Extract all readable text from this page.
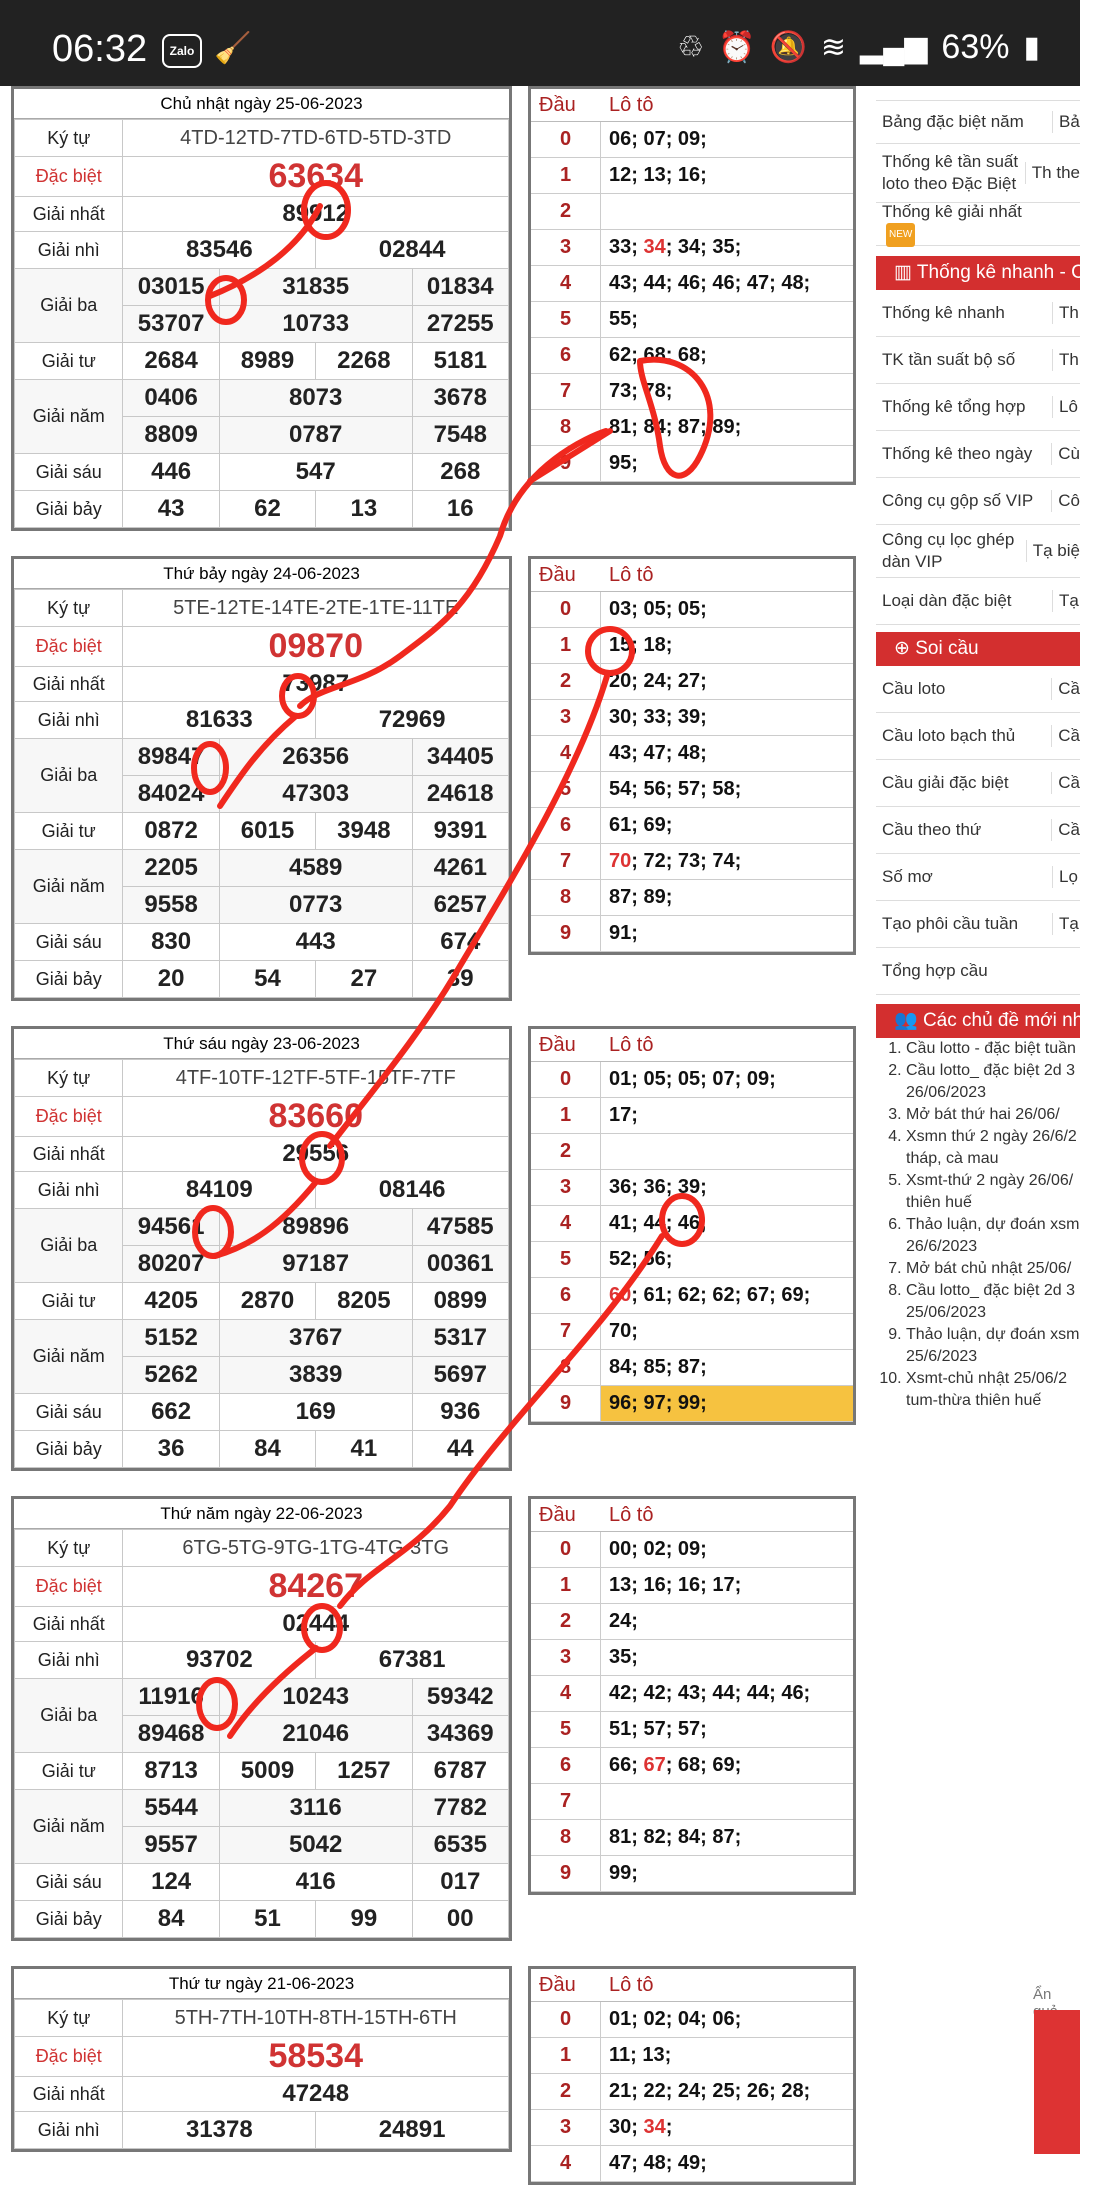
06:32	Zalo 🧹	♲ ⏰ 🔕 ≋ ▂▄▆ 63% ▮
Chủ nhật ngày 25-06-2023
Ký tự	4TD-12TD-7TD-6TD-5TD-3TD			
Đặc biệt	63634			
Giải nhất	89912			
Giải nhì	83546		02844	
Giải ba	03015	31835		01834
	53707	10733		27255
Giải tư	2684	8989	2268	5181
Giải năm	0406	8073		3678
	8809	0787		7548
Giải sáu	446	547		268
Giải bảy	43	62	13	16
Thứ bảy ngày 24-06-2023
Ký tự	5TE-12TE-14TE-2TE-1TE-11TE			
Đặc biệt	09870			
Giải nhất	73987			
Giải nhì	81633		72969	
Giải ba	89847	26356		34405
	84024	47303		24618
Giải tư	0872	6015	3948	9391
Giải năm	2205	4589		4261
	9558	0773		6257
Giải sáu	830	443		674
Giải bảy	20	54	27	39
Thứ sáu ngày 23-06-2023
Ký tự	4TF-10TF-12TF-5TF-15TF-7TF			
Đặc biệt	83660			
Giải nhất	29556			
Giải nhì	84109		08146	
Giải ba	94561	89896		47585
	80207	97187		00361
Giải tư	4205	2870	8205	0899
Giải năm	5152	3767		5317
	5262	3839		5697
Giải sáu	662	169		936
Giải bảy	36	84	41	44
Thứ năm ngày 22-06-2023
Ký tự	6TG-5TG-9TG-1TG-4TG-3TG			
Đặc biệt	84267			
Giải nhất	02444			
Giải nhì	93702		67381	
Giải ba	11916	10243		59342
	89468	21046		34369
Giải tư	8713	5009	1257	6787
Giải năm	5544	3116		7782
	9557	5042		6535
Giải sáu	124	416		017
Giải bảy	84	51	99	00
Thứ tư ngày 21-06-2023
Ký tự	5TH-7TH-10TH-8TH-15TH-6TH	
Đặc biệt	58534	
Giải nhất	47248	
Giải nhì	31378	24891
Đầu	Lô tô
0	06; 07; 09;
1	12; 13; 16;
2
3	33; 34; 34; 35;
4	43; 44; 46; 46; 47; 48;
5	55;
6	62; 68; 68;
7	73; 78;
8	81; 84; 87; 89;
9	95;
Đầu	Lô tô
0	03; 05; 05;
1	15; 18;
2	20; 24; 27;
3	30; 33; 39;
4	43; 47; 48;
5	54; 56; 57; 58;
6	61; 69;
7	70; 72; 73; 74;
8	87; 89;
9	91;
Đầu	Lô tô
0	01; 05; 05; 07; 09;
1	17;
2
3	36; 36; 39;
4	41; 44; 46;
5	52; 56;
6	60; 61; 62; 62; 67; 69;
7	70;
8	84; 85; 87;
9	96; 97; 99;
Đầu	Lô tô
0	00; 02; 09;
1	13; 16; 16; 17;
2	24;
3	35;
4	42; 42; 43; 44; 44; 46;
5	51; 57; 57;
6	66; 67; 68; 69;
7
8	81; 82; 84; 87;
9	99;
Đầu	Lô tô
0	01; 02; 04; 06;
1	11; 13;
2	21; 22; 24; 25; 26; 28;
3	30; 34;
4	47; 48; 49;
Bảng đặc biệt năm	Bả
Thống kê tần suất loto theo Đặc Biệt
Th the
Thống kê giải nhấtNEW
▥ Thống kê nhanh - Cô
Thống kê nhanh	Th
TK tần suất bộ số	Th
Thống kê tổng hợp	Lô
Thống kê theo ngày	Cù
Công cụ gộp số VIP	Cô
Công cụ lọc ghép dàn VIP
Tạ biệ
Loại dàn đặc biệt	Tạ
⊕ Soi cầu
Cầu loto	Cầ
Cầu loto bạch thủ	Cầ
Cầu giải đặc biệt	Cầ
Cầu theo thứ	Cầ
Số mơ	Lọ
Tạo phôi cầu tuần	Tạ
Tổng hợp cầu
👥 Các chủ đề mới nhấ
1. Cầu lotto - đặc biệt tuần
2. Cầu lotto_ đặc biệt 2d 3 26/06/2023
3. Mở bát thứ hai 26/06/
4. Xsmn thứ 2 ngày 26/6/2 tháp, cà mau
5. Xsmt-thứ 2 ngày 26/06/ thiên huế
6. Thảo luận, dự đoán xsm 26/6/2023
7. Mở bát chủ nhật 25/06/
8. Cầu lotto_ đặc biệt 2d 3 25/06/2023
9. Thảo luận, dự đoán xsm 25/6/2023
10. Xsmt-chủ nhật 25/06/2 tum-thừa thiên huế
Ẩn
